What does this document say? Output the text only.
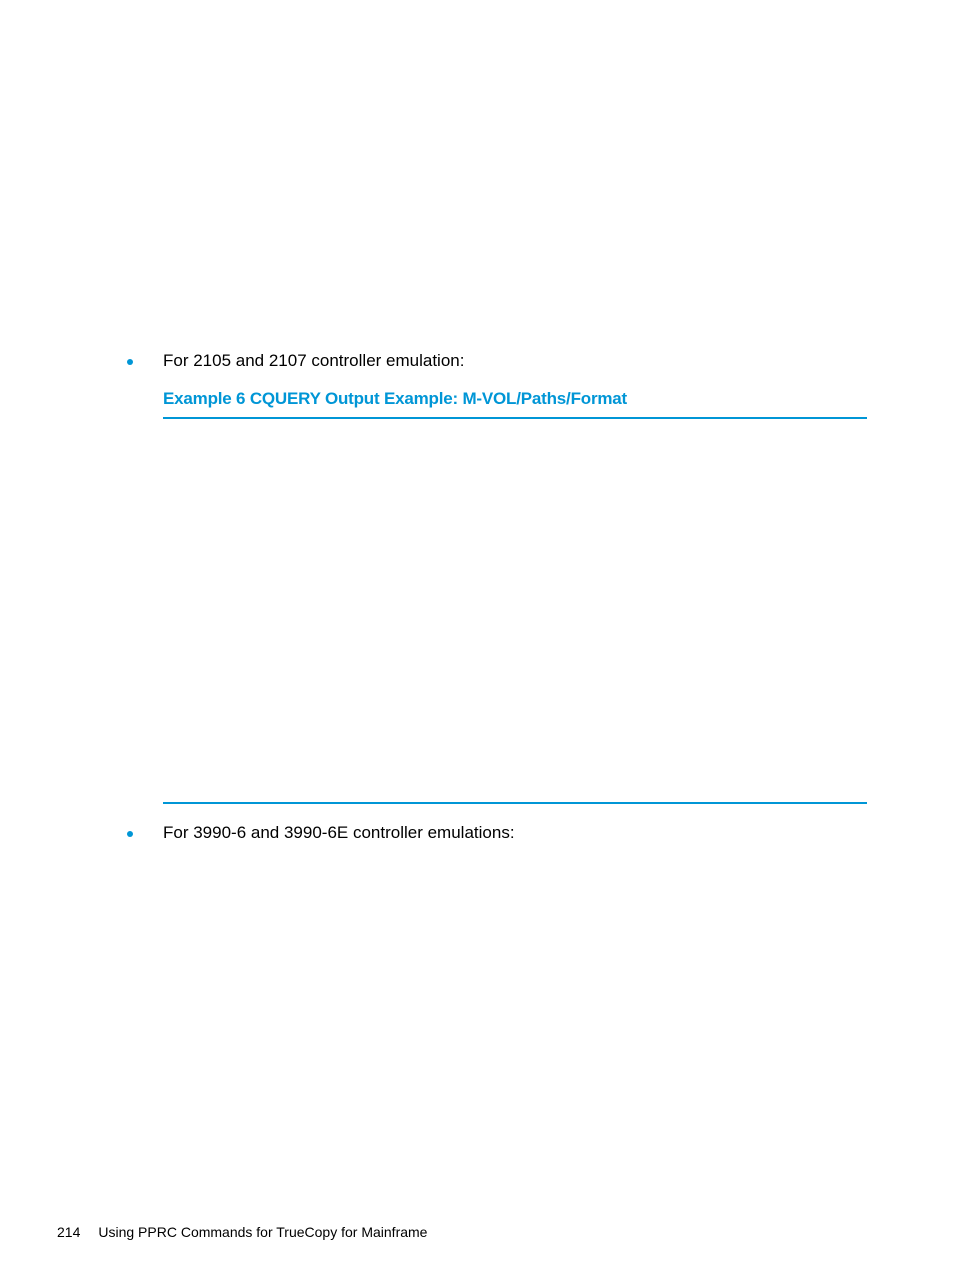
For 2105 and 2107 controller emulation:
Example 6 CQUERY Output Example: M-VOL/Paths/Format
For 3990-6 and 3990-6E controller emulations:
214 Using PPRC Commands for TrueCopy for Mainframe
